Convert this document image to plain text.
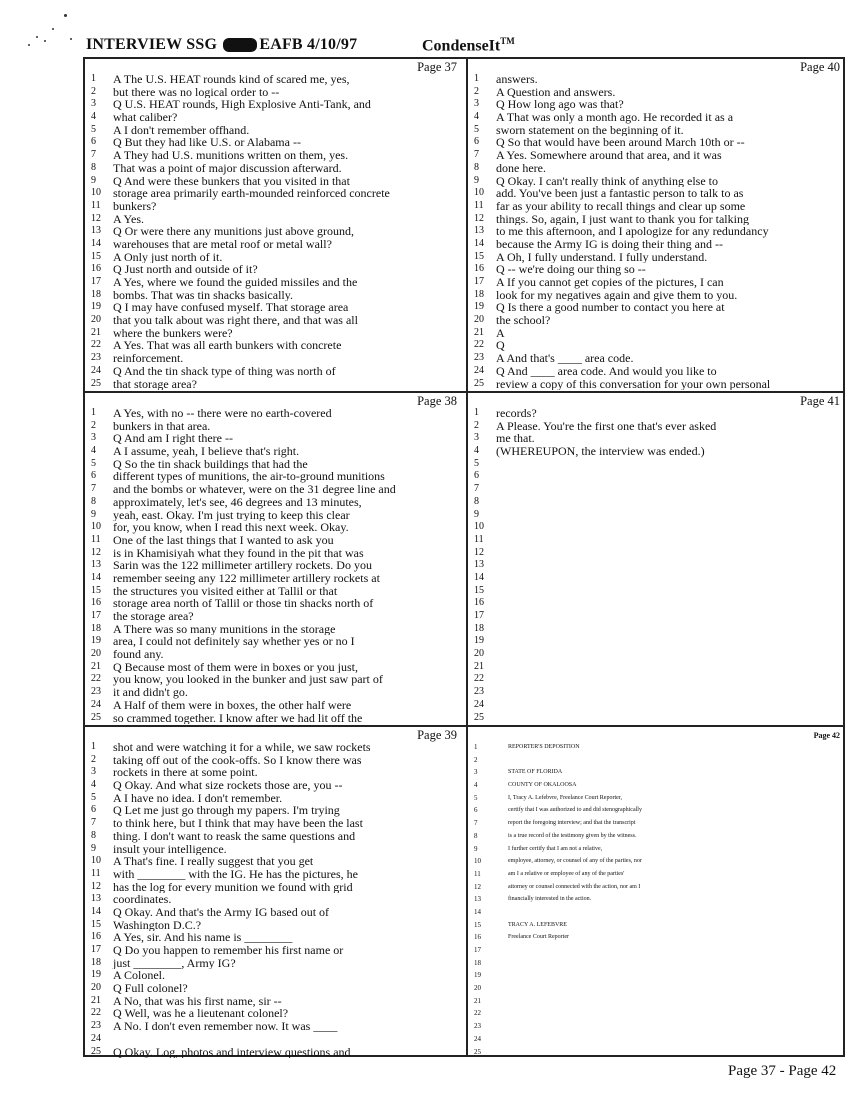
INTERVIEW SSG	EAFB 4/10/97	CondenseIt™
Page 37
1	A The U.S. HEAT rounds kind of scared me, yes,
2	but there was no logical order to --
3	Q U.S. HEAT rounds, High Explosive Anti-Tank, and
4	what caliber?
5	A I don't remember offhand.
6	Q But they had like U.S. or Alabama --
7	A They had U.S. munitions written on them, yes.
8	That was a point of major discussion afterward.
9	Q And were these bunkers that you visited in that
10	storage area primarily earth-mounded reinforced concrete
11	bunkers?
12	A Yes.
13	Q Or were there any munitions just above ground,
14	warehouses that are metal roof or metal wall?
15	A Only just north of it.
16	Q Just north and outside of it?
17	A Yes, where we found the guided missiles and the
18	bombs. That was tin shacks basically.
19	Q I may have confused myself. That storage area
20	that you talk about was right there, and that was all
21	where the bunkers were?
22	A Yes. That was all earth bunkers with concrete
23	reinforcement.
24	Q And the tin shack type of thing was north of
25	that storage area?
Page 40
1	answers.
2	A Question and answers.
3	Q How long ago was that?
4	A That was only a month ago. He recorded it as a
5	sworn statement on the beginning of it.
6	Q So that would have been around March 10th or --
7	A Yes. Somewhere around that area, and it was
8	done here.
9	Q Okay. I can't really think of anything else to
10	add. You've been just a fantastic person to talk to as
11	far as your ability to recall things and clear up some
12	things. So, again, I just want to thank you for talking
13	to me this afternoon, and I apologize for any redundancy
14	because the Army IG is doing their thing and --
15	A Oh, I fully understand. I fully understand.
16	Q -- we're doing our thing so --
17	A If you cannot get copies of the pictures, I can
18	look for my negatives again and give them to you.
19	Q Is there a good number to contact you here at
20	the school?
21	A
22	Q
23	A And that's ____ area code.
24	Q And ____ area code. And would you like to
25	review a copy of this conversation for your own personal
Page 38
1	A Yes, with no -- there were no earth-covered
2	bunkers in that area.
3	Q And am I right there --
4	A I assume, yeah, I believe that's right.
5	Q So the tin shack buildings that had the
6	different types of munitions, the air-to-ground munitions
7	and the bombs or whatever, were on the 31 degree line and
8	approximately, let's see, 46 degrees and 13 minutes,
9	yeah, east. Okay. I'm just trying to keep this clear
10	for, you know, when I read this next week. Okay.
11	One of the last things that I wanted to ask you
12	is in Khamisiyah what they found in the pit that was
13	Sarin was the 122 millimeter artillery rockets. Do you
14	remember seeing any 122 millimeter artillery rockets at
15	the structures you visited either at Tallil or that
16	storage area north of Tallil or those tin shacks north of
17	the storage area?
18	A There was so many munitions in the storage
19	area, I could not definitely say whether yes or no I
20	found any.
21	Q Because most of them were in boxes or you just,
22	you know, you looked in the bunker and just saw part of
23	it and didn't go.
24	A Half of them were in boxes, the other half were
25	so crammed together. I know after we had lit off the
Page 41
1	records?
2	A Please. You're the first one that's ever asked
3	me that.
4	(WHEREUPON, the interview was ended.)
5
6
7
8
9
10
11
12
13
14
15
16
17
18
19
20
21
22
23
24
25
Page 39
1	shot and were watching it for a while, we saw rockets
2	taking off out of the cook-offs. So I know there was
3	rockets in there at some point.
4	Q Okay. And what size rockets those are, you --
5	A I have no idea. I don't remember.
6	Q Let me just go through my papers. I'm trying
7	to think here, but I think that may have been the last
8	thing. I don't want to reask the same questions and
9	insult your intelligence.
10	A That's fine. I really suggest that you get
11	with ________ with the IG. He has the pictures, he
12	has the log for every munition we found with grid
13	coordinates.
14	Q Okay. And that's the Army IG based out of
15	Washington D.C.?
16	A Yes, sir. And his name is ________
17	Q Do you happen to remember his first name or
18	just ________, Army IG?
19	A Colonel.
20	Q Full colonel?
21	A No, that was his first name, sir --
22	Q Well, was he a lieutenant colonel?
23	A No. I don't even remember now. It was ____
24
25	Q Okay. Log, photos and interview questions and
Page 42
1	REPORTER'S DEPOSITION
2
3	STATE OF FLORIDA
4	COUNTY OF OKALOOSA
5	I, Tracy A. Lefebvre, Freelance Court Reporter,
6	certify that I was authorized to and did stenographically
7	report the foregoing interview; and that the transcript
8	is a true record of the testimony given by the witness.
9	I further certify that I am not a relative,
10	employee, attorney, or counsel of any of the parties, nor
11	am I a relative or employee of any of the parties'
12	attorney or counsel connected with the action, nor am I
13	financially interested in the action.
14
15	TRACY A. LEFEBVRE
16	Freelance Court Reporter
17
18
19
20
21
22
23
24
25
Page 37 - Page 42
